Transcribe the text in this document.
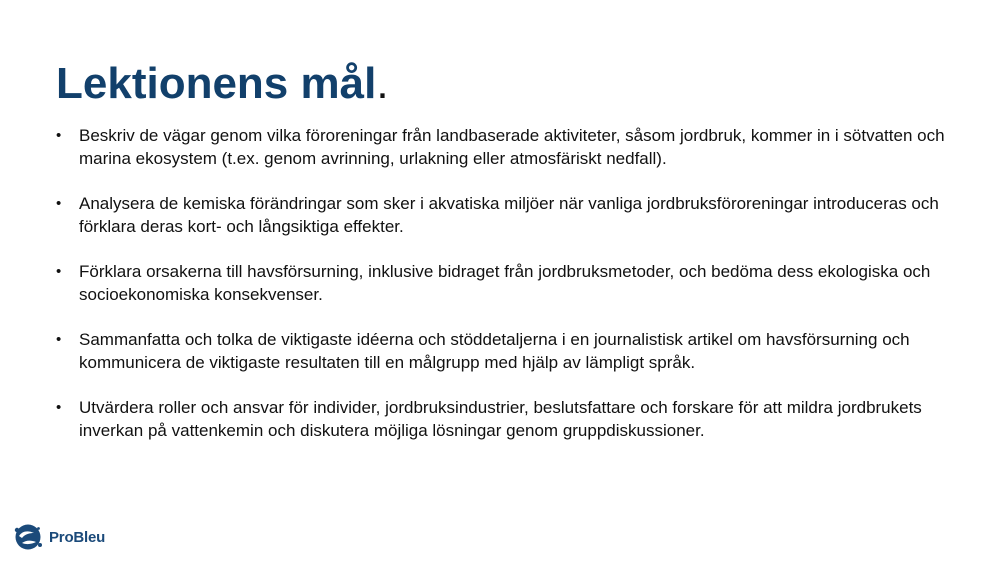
Lektionens mål.
• Beskriv de vägar genom vilka föroreningar från landbaserade aktiviteter, såsom jordbruk, kommer in i sötvatten och marina ekosystem (t.ex. genom avrinning, urlakning eller atmosfäriskt nedfall).
• Analysera de kemiska förändringar som sker i akvatiska miljöer när vanliga jordbruksföroreningar introduceras och förklara deras kort- och långsiktiga effekter.
• Förklara orsakerna till havsförsurning, inklusive bidraget från jordbruksmetoder, och bedöma dess ekologiska och socioekonomiska konsekvenser.
• Sammanfatta och tolka de viktigaste idéerna och stöddetaljerna i en journalistisk artikel om havsförsurning och kommunicera de viktigaste resultaten till en målgrupp med hjälp av lämpligt språk.
• Utvärdera roller och ansvar för individer, jordbruksindustrier, beslutsfattare och forskare för att mildra jordbrukets inverkan på vattenkemin och diskutera möjliga lösningar genom gruppdiskussioner.
ProBleu
